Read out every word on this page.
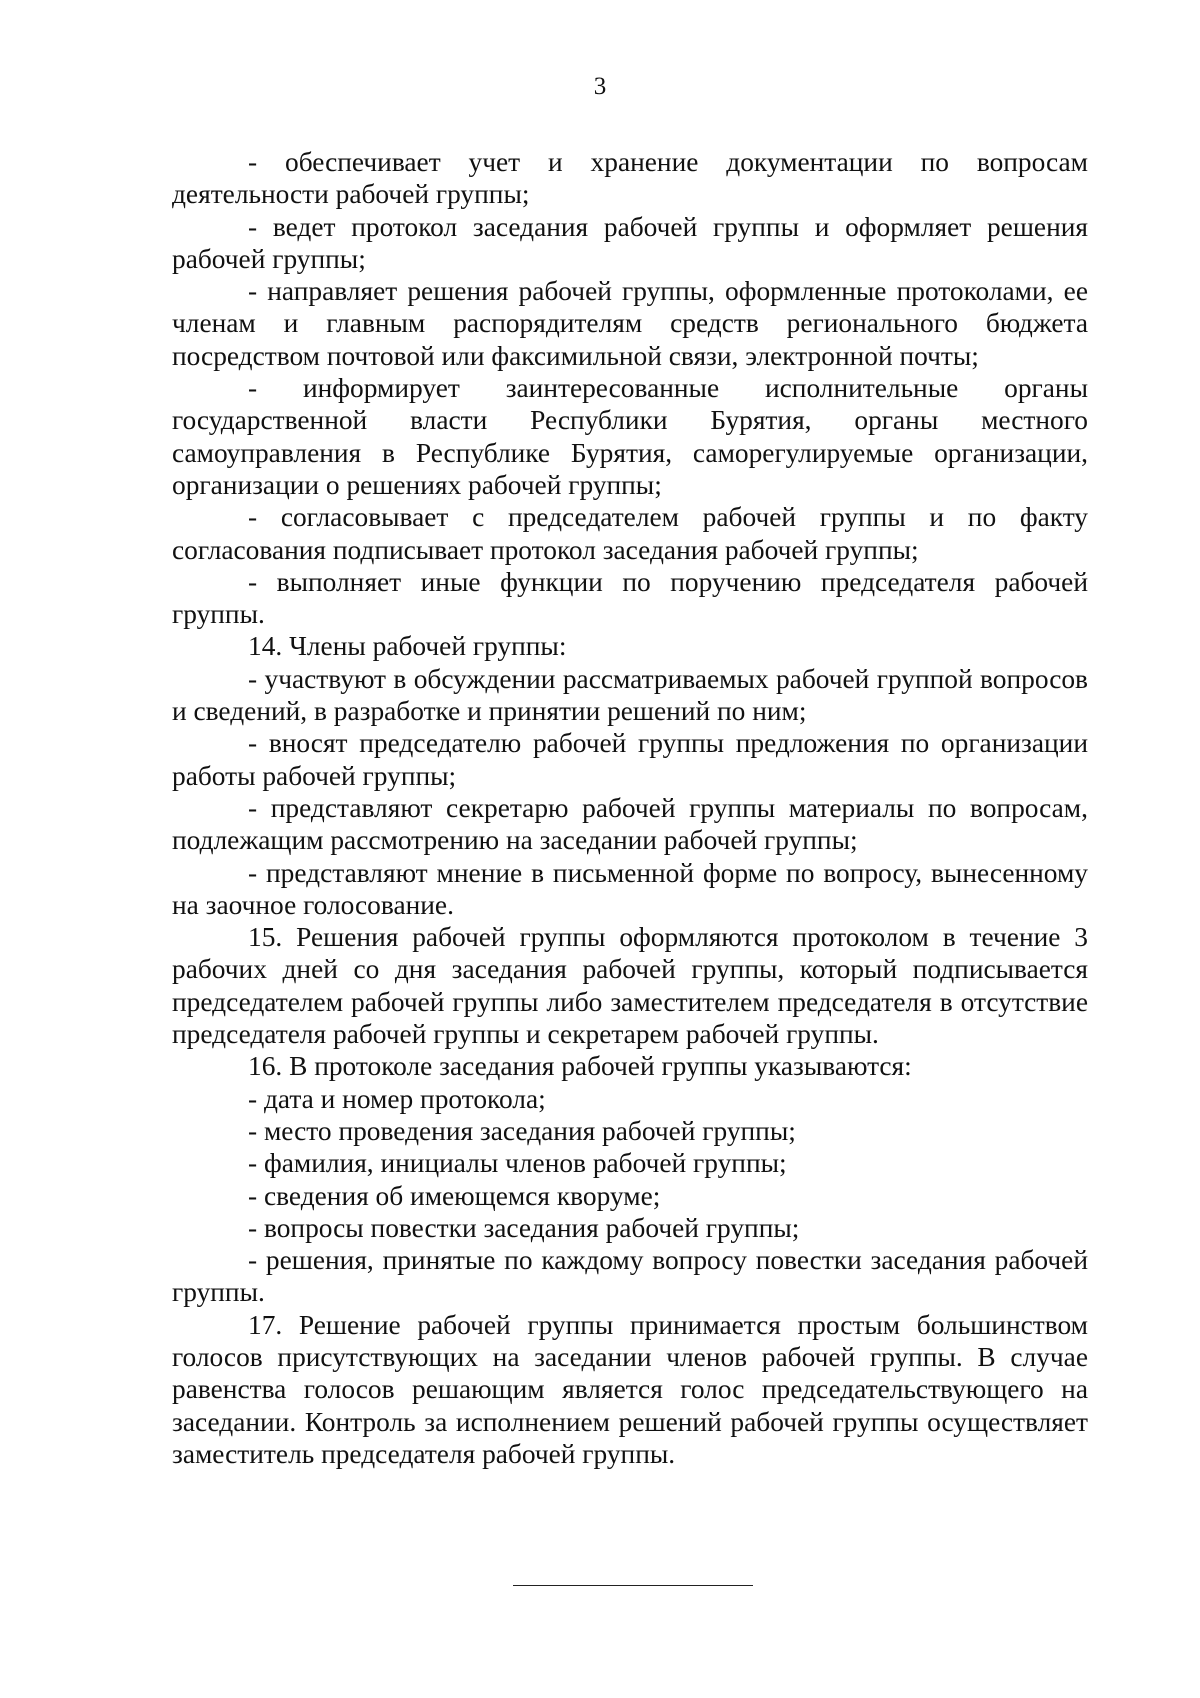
3

- обеспечивает учет и хранение документации по вопросам деятельности рабочей группы;

- ведет протокол заседания рабочей группы и оформляет решения рабочей группы;

- направляет решения рабочей группы, оформленные протоколами, ее членам и главным распорядителям средств регионального бюджета посредством почтовой или факсимильной связи, электронной почты;

- информирует заинтересованные исполнительные органы государственной власти Республики Бурятия, органы местного самоуправления в Республике Бурятия, саморегулируемые организации, организации о решениях рабочей группы;

- согласовывает с председателем рабочей группы и по факту согласования подписывает протокол заседания рабочей группы;

- выполняет иные функции по поручению председателя рабочей группы.

14. Члены рабочей группы:

- участвуют в обсуждении рассматриваемых рабочей группой вопросов и сведений, в разработке и принятии решений по ним;

- вносят председателю рабочей группы предложения по организации работы рабочей группы;

- представляют секретарю рабочей группы материалы по вопросам, подлежащим рассмотрению на заседании рабочей группы;

- представляют мнение в письменной форме по вопросу, вынесенному на заочное голосование.

15. Решения рабочей группы оформляются протоколом в течение 3 рабочих дней со дня заседания рабочей группы, который подписывается председателем рабочей группы либо заместителем председателя в отсутствие председателя рабочей группы и секретарем рабочей группы.

16. В протоколе заседания рабочей группы указываются:

- дата и номер протокола;

- место проведения заседания рабочей группы;

- фамилия, инициалы членов рабочей группы;

- сведения об имеющемся кворуме;

- вопросы повестки заседания рабочей группы;

- решения, принятые по каждому вопросу повестки заседания рабочей группы.

17. Решение рабочей группы принимается простым большинством голосов присутствующих на заседании членов рабочей группы. В случае равенства голосов решающим является голос председательствующего на заседании. Контроль за исполнением решений рабочей группы осуществляет заместитель председателя рабочей группы.
